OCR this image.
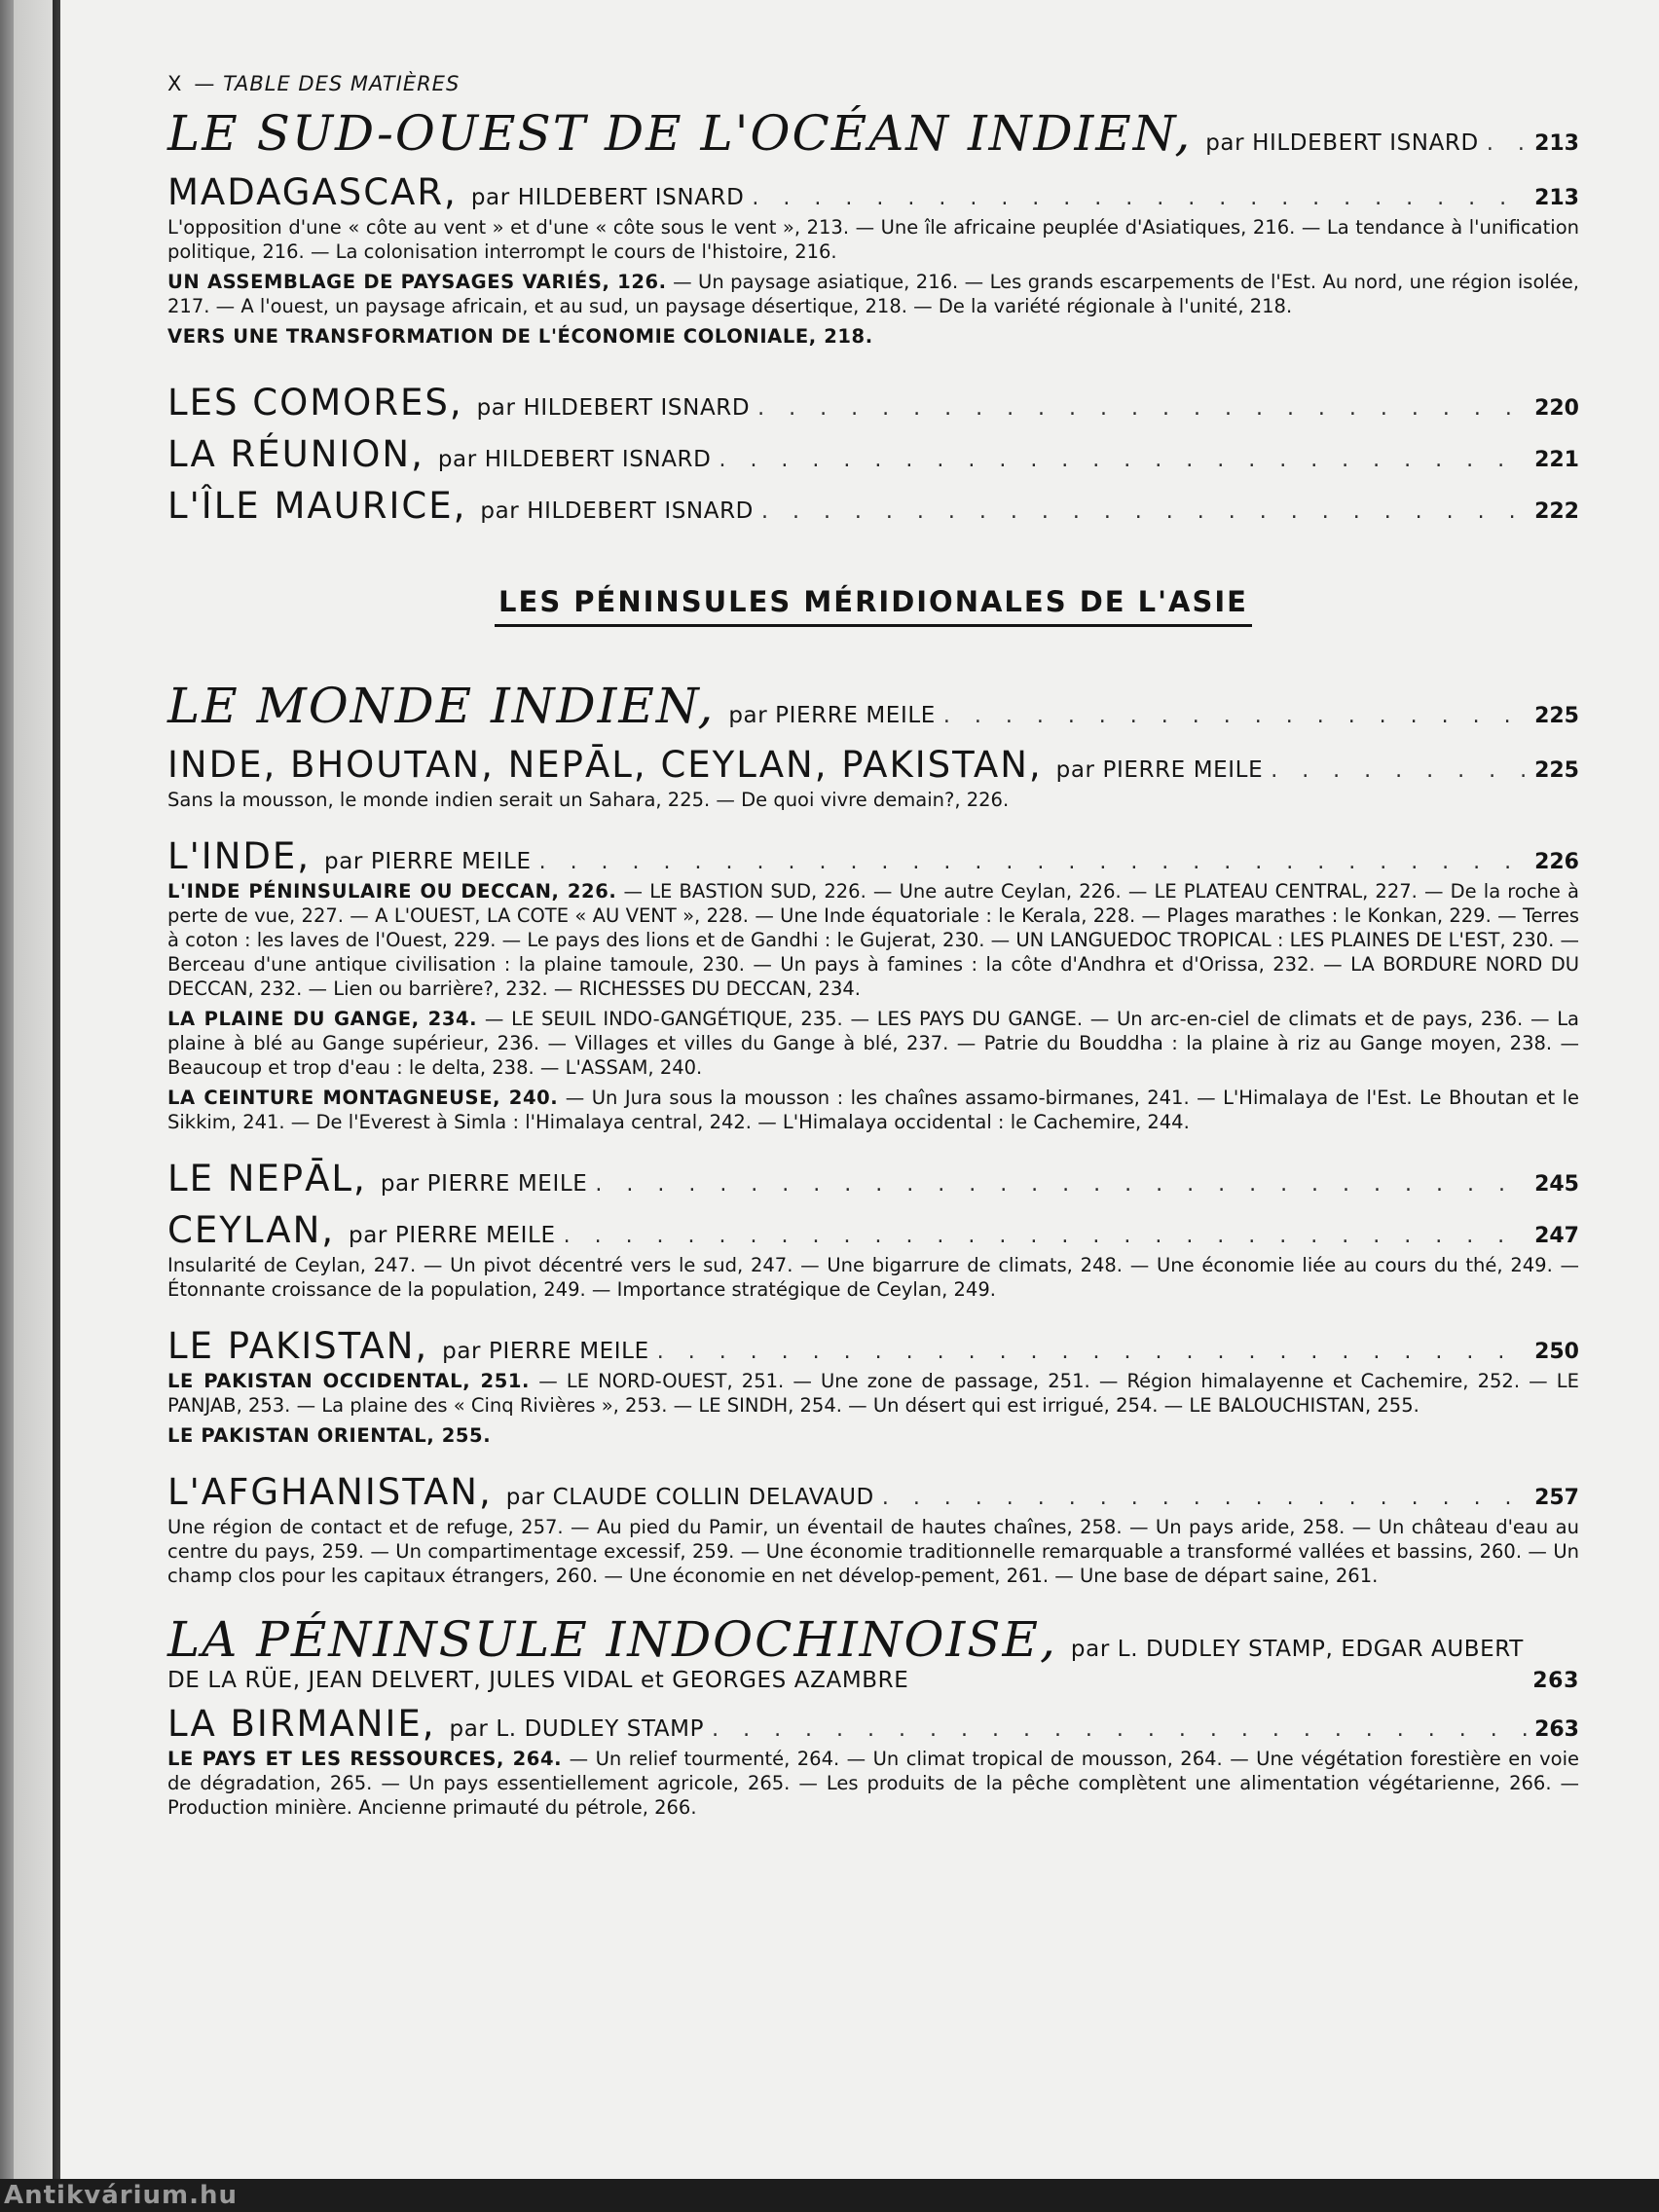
X — TABLE DES MATIÈRES
LE SUD-OUEST DE L'OCÉAN INDIEN, par HILDEBERT ISNARD . . .	213
MADAGASCAR, par HILDEBERT ISNARD . . .	213

L'opposition d'une « côte au vent » et d'une « côte sous le vent », 213. — Une île africaine peuplée d'Asiatiques, 216. — La tendance à l'unification politique, 216. — La colonisation interrompt le cours de l'histoire, 216.

UN ASSEMBLAGE DE PAYSAGES VARIÉS, 126. — Un paysage asiatique, 216. — Les grands escarpements de l'Est. Au nord, une région isolée, 217. — A l'ouest, un paysage africain, et au sud, un paysage désertique, 218. — De la variété régionale à l'unité, 218.

VERS UNE TRANSFORMATION DE L'ÉCONOMIE COLONIALE, 218.

LES COMORES, par HILDEBERT ISNARD . . .	220
LA RÉUNION, par HILDEBERT ISNARD . . .	221
L'ÎLE MAURICE, par HILDEBERT ISNARD . . .	222
LES PÉNINSULES MÉRIDIONALES DE L'ASIE
LE MONDE INDIEN, par PIERRE MEILE . . .	225
INDE, BHOUTAN, NEPĀL, CEYLAN, PAKISTAN, par PIERRE MEILE . . .	225

Sans la mousson, le monde indien serait un Sahara, 225. — De quoi vivre demain?, 226.

L'INDE, par PIERRE MEILE . . .	226

L'INDE PÉNINSULAIRE OU DECCAN, 226. — LE BASTION SUD, 226. — Une autre Ceylan, 226. — LE PLATEAU CENTRAL, 227. — De la roche à perte de vue, 227. — A L'OUEST, LA COTE « AU VENT », 228. — Une Inde équatoriale : le Kerala, 228. — Plages marathes : le Konkan, 229. — Terres à coton : les laves de l'Ouest, 229. — Le pays des lions et de Gandhi : le Gujerat, 230. — UN LANGUEDOC TROPICAL : LES PLAINES DE L'EST, 230. — Berceau d'une antique civilisation : la plaine tamoule, 230. — Un pays à famines : la côte d'Andhra et d'Orissa, 232. — LA BORDURE NORD DU DECCAN, 232. — Lien ou barrière?, 232. — RICHESSES DU DECCAN, 234.

LA PLAINE DU GANGE, 234. — LE SEUIL INDO-GANGÉTIQUE, 235. — LES PAYS DU GANGE. — Un arc-en-ciel de climats et de pays, 236. — La plaine à blé au Gange supérieur, 236. — Villages et villes du Gange à blé, 237. — Patrie du Bouddha : la plaine à riz au Gange moyen, 238. — Beaucoup et trop d'eau : le delta, 238. — L'ASSAM, 240.

LA CEINTURE MONTAGNEUSE, 240. — Un Jura sous la mousson : les chaînes assamo-birmanes, 241. — L'Himalaya de l'Est. Le Bhoutan et le Sikkim, 241. — De l'Everest à Simla : l'Himalaya central, 242. — L'Himalaya occidental : le Cachemire, 244.

LE NEPĀL, par PIERRE MEILE . . .	245
CEYLAN, par PIERRE MEILE . . .	247

Insularité de Ceylan, 247. — Un pivot décentré vers le sud, 247. — Une bigarrure de climats, 248. — Une économie liée au cours du thé, 249. — Étonnante croissance de la population, 249. — Importance stratégique de Ceylan, 249.

LE PAKISTAN, par PIERRE MEILE . . .	250

LE PAKISTAN OCCIDENTAL, 251. — LE NORD-OUEST, 251. — Une zone de passage, 251. — Région himalayenne et Cachemire, 252. — LE PANJAB, 253. — La plaine des « Cinq Rivières », 253. — LE SINDH, 254. — Un désert qui est irrigué, 254. — LE BALOUCHISTAN, 255.

LE PAKISTAN ORIENTAL, 255.

L'AFGHANISTAN, par CLAUDE COLLIN DELAVAUD . . .	257

Une région de contact et de refuge, 257. — Au pied du Pamir, un éventail de hautes chaînes, 258. — Un pays aride, 258. — Un château d'eau au centre du pays, 259. — Un compartimentage excessif, 259. — Une économie traditionnelle remarquable a transformé vallées et bassins, 260. — Un champ clos pour les capitaux étrangers, 260. — Une économie en net dévelop-pement, 261. — Une base de départ saine, 261.

LA PÉNINSULE INDOCHINOISE, par L. DUDLEY STAMP, EDGAR AUBERT
DE LA RÜE, JEAN DELVERT, JULES VIDAL et GEORGES AZAMBRE	263
LA BIRMANIE, par L. DUDLEY STAMP . . .	263

LE PAYS ET LES RESSOURCES, 264. — Un relief tourmenté, 264. — Un climat tropical de mousson, 264. — Une végétation forestière en voie de dégradation, 265. — Un pays essentiellement agricole, 265. — Les produits de la pêche complètent une alimentation végétarienne, 266. — Production minière. Ancienne primauté du pétrole, 266.

Antikvárium.hu
